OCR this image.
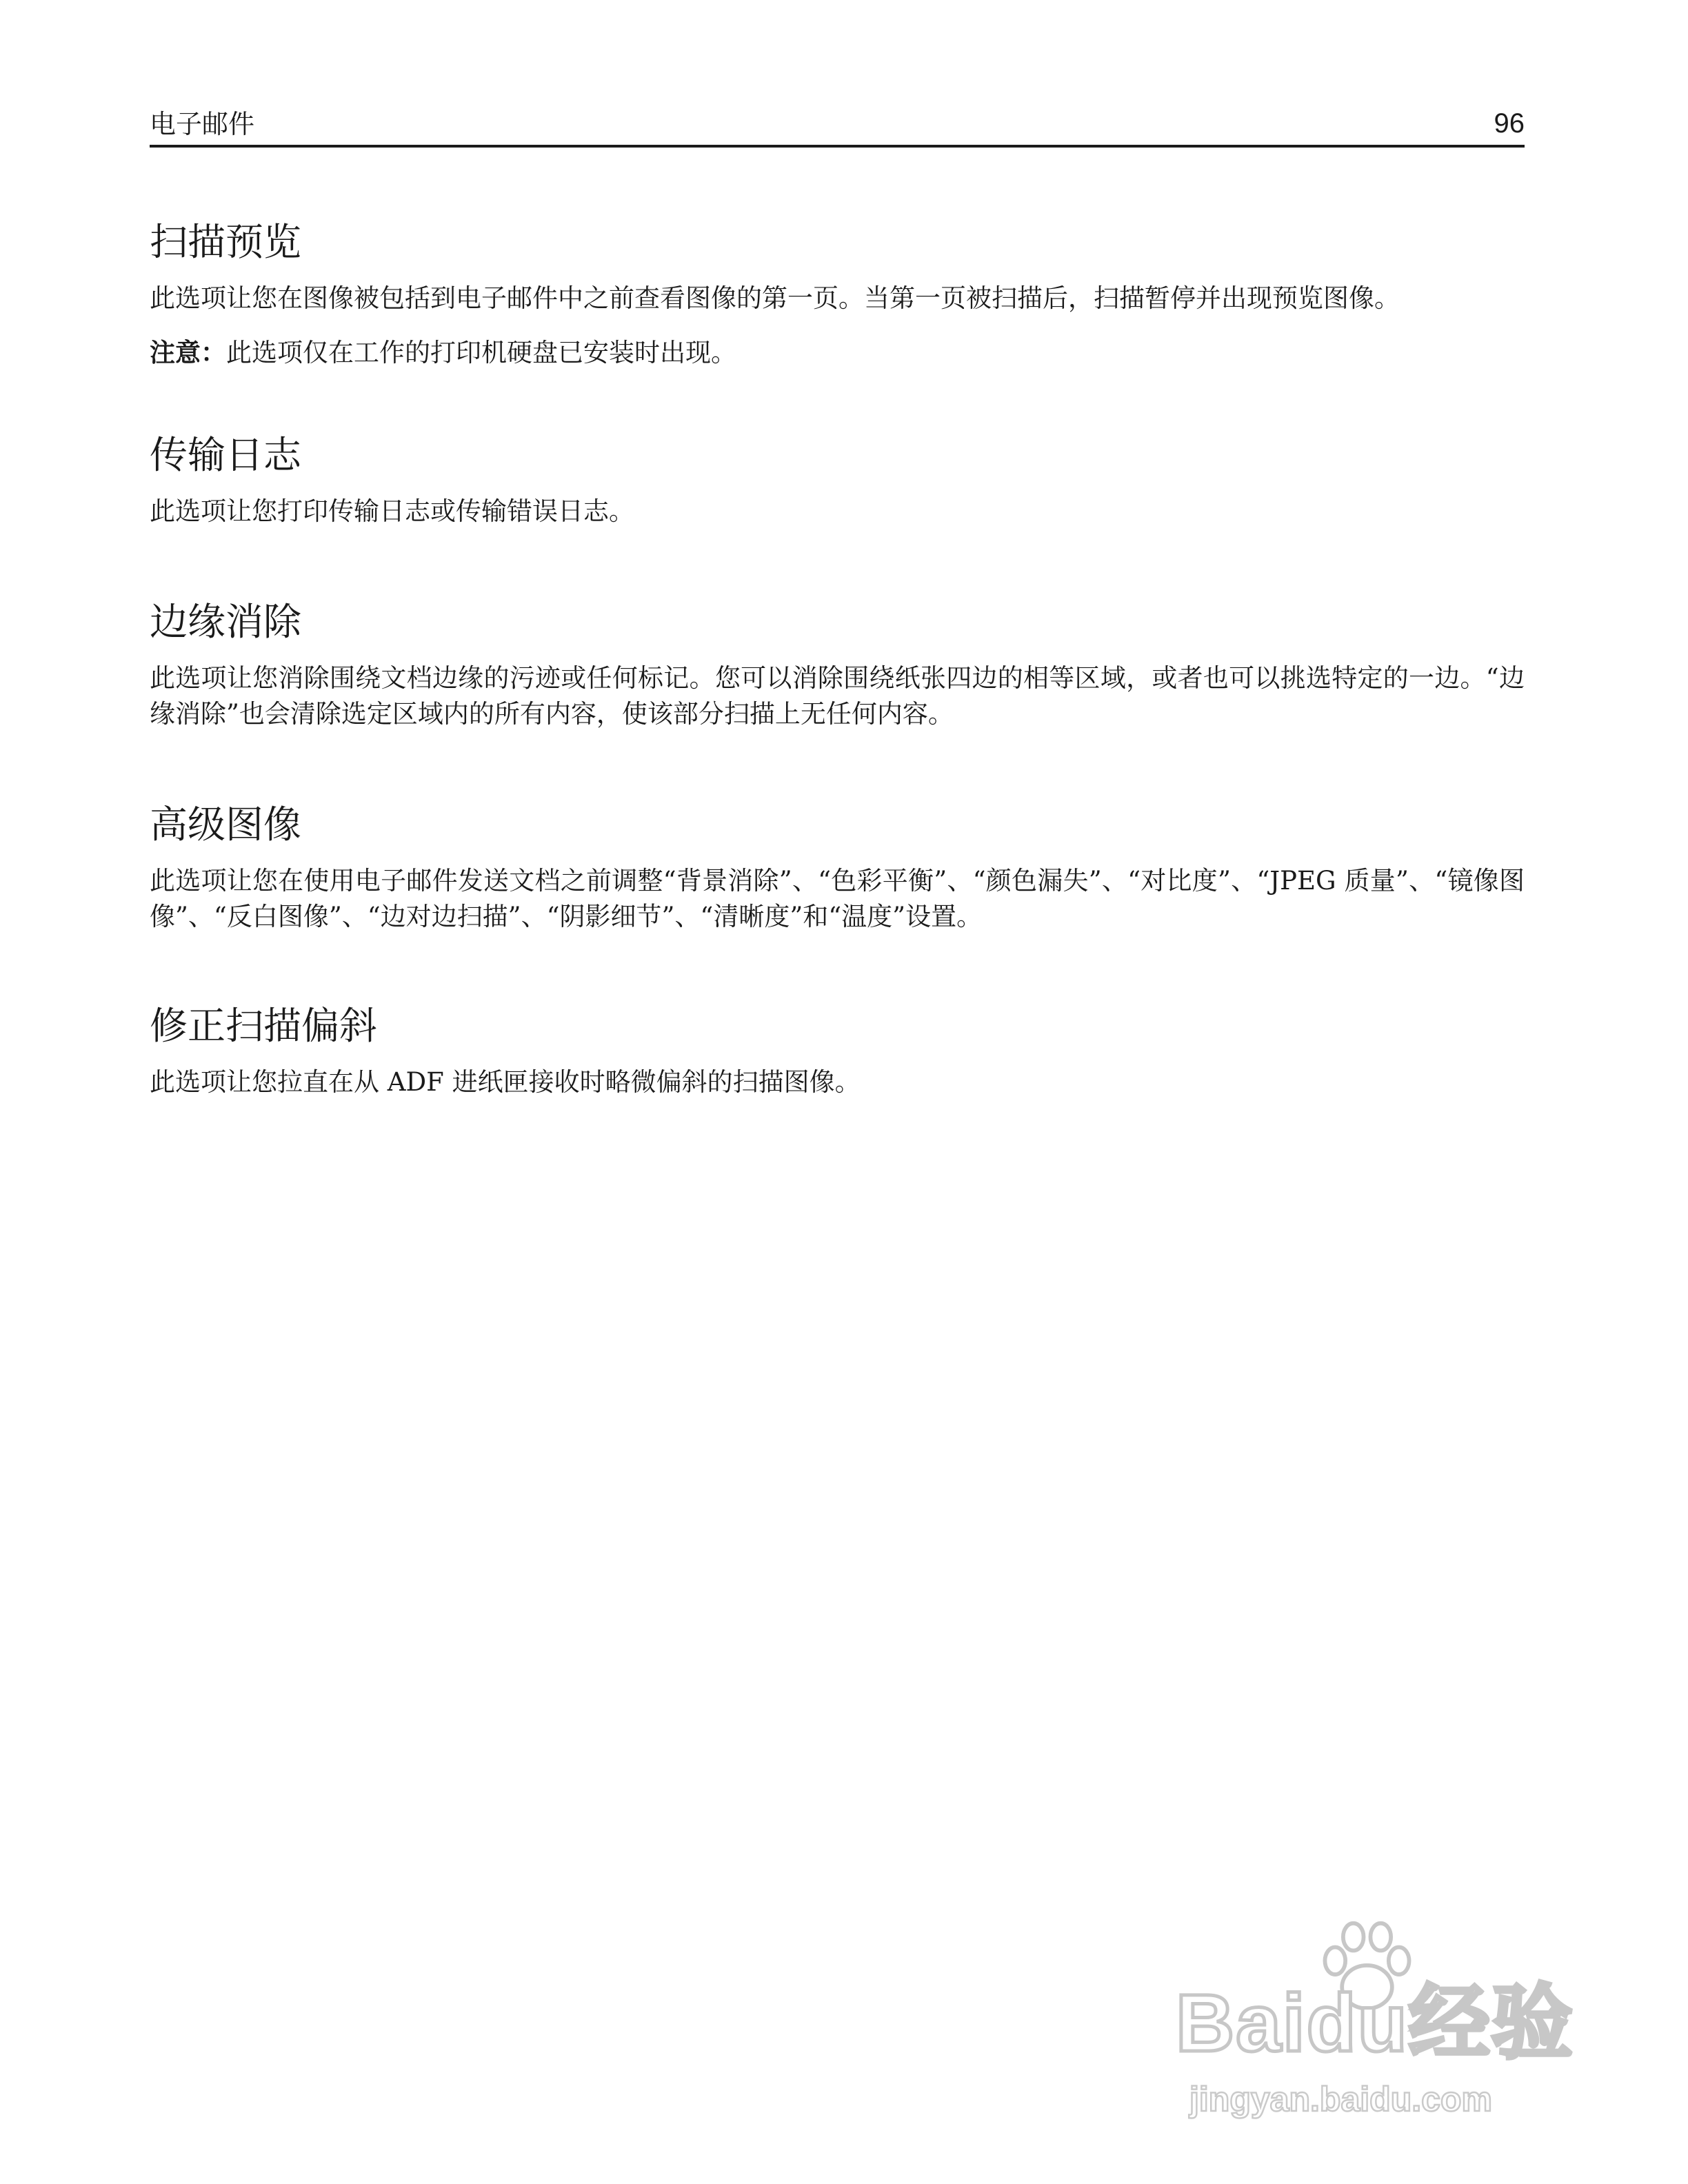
电子邮件	96
扫描预览

此选项让您在图像被包括到电子邮件中之前查看图像的第一页。当第一页被扫描后，扫描暂停并出现预览图像。

注意：此选项仅在工作的打印机硬盘已安装时出现。

传输日志

此选项让您打印传输日志或传输错误日志。

边缘消除

此选项让您消除围绕文档边缘的污迹或任何标记。您可以消除围绕纸张四边的相等区域，或者也可以挑选特定的一边。“边缘消除”也会清除选定区域内的所有内容，使该部分扫描上无任何内容。

高级图像

此选项让您在使用电子邮件发送文档之前调整“背景消除”、“色彩平衡”、“颜色漏失”、“对比度”、“JPEG 质量”、“镜像图像”、“反白图像”、“边对边扫描”、“阴影细节”、“清晰度”和“温度”设置。

修正扫描偏斜

此选项让您拉直在从 ADF 进纸匣接收时略微偏斜的扫描图像。

Baidu经验
jingyan.baidu.com
